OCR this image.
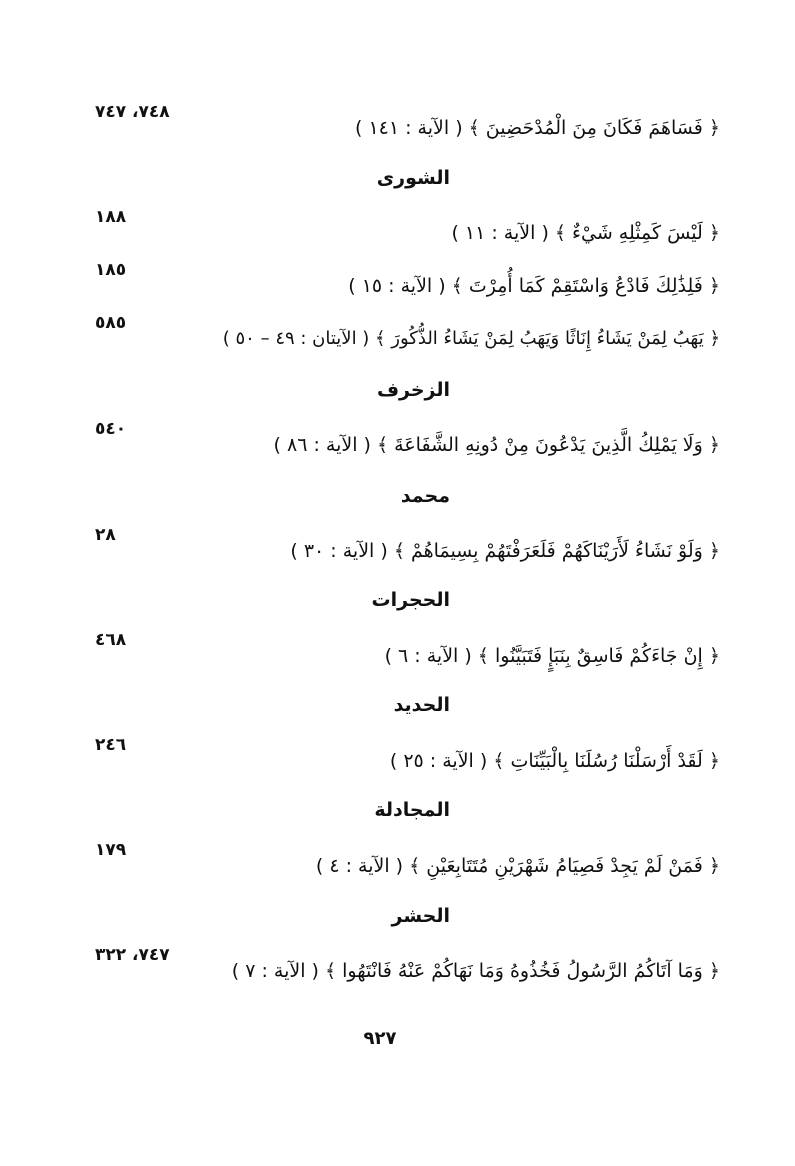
﴿ فَسَاهَمَ فَكَانَ مِنَ الْمُدْحَضِينَ ﴾ ( الآية : ١٤١ )
٧٤٨، ٧٤٧
الشورى
﴿ لَيْسَ كَمِثْلِهِ شَيْءٌ ﴾ ( الآية : ١١ )
١٨٨
﴿ فَلِذَٰلِكَ فَادْعُ وَاسْتَقِمْ كَمَا أُمِرْتَ ﴾ ( الآية : ١٥ )
١٨٥
﴿ يَهَبُ لِمَنْ يَشَاءُ إِنَاثًا وَيَهَبُ لِمَنْ يَشَاءُ الذُّكُورَ ﴾ ( الآيتان : ٤٩ – ٥٠ )
٥٨٥
الزخرف
﴿ وَلَا يَمْلِكُ الَّذِينَ يَدْعُونَ مِنْ دُونِهِ الشَّفَاعَةَ ﴾ ( الآية : ٨٦ )
٥٤٠
محمد
﴿ وَلَوْ نَشَاءُ لَأَرَيْنَاكَهُمْ فَلَعَرَفْتَهُمْ بِسِيمَاهُمْ ﴾ ( الآية : ٣٠ )
٢٨
الحجرات
﴿ إِنْ جَاءَكُمْ فَاسِقٌ بِنَبَإٍ فَتَبَيَّنُوا ﴾ ( الآية : ٦ )
٤٦٨
الحديد
﴿ لَقَدْ أَرْسَلْنَا رُسُلَنَا بِالْبَيِّنَاتِ ﴾ ( الآية : ٢٥ )
٢٤٦
المجادلة
﴿ فَمَنْ لَمْ يَجِدْ فَصِيَامُ شَهْرَيْنِ مُتَتَابِعَيْنِ ﴾ ( الآية : ٤ )
١٧٩
الحشر
﴿ وَمَا آتَاكُمُ الرَّسُولُ فَخُذُوهُ وَمَا نَهَاكُمْ عَنْهُ فَانْتَهُوا ﴾ ( الآية : ٧ )
٧٤٧، ٣٢٢
٩٢٧
